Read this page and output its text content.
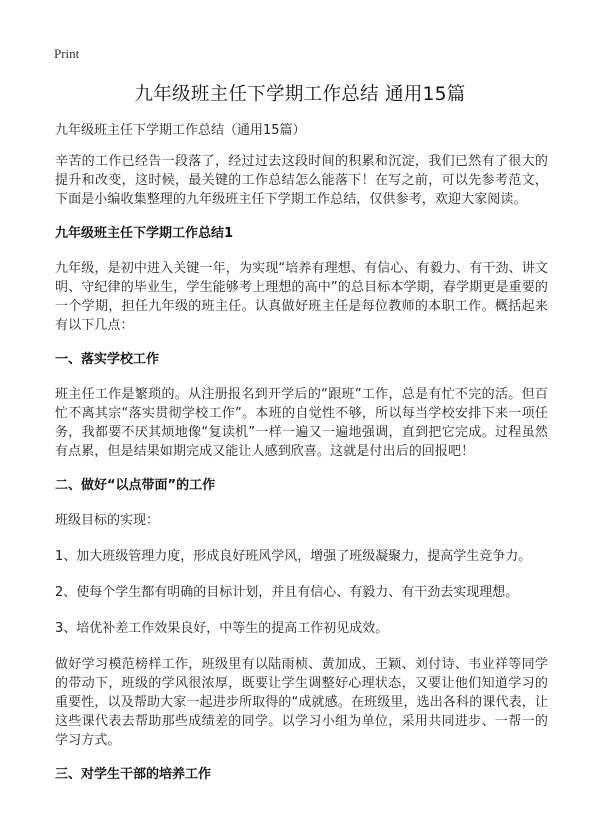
Print
九年级班主任下学期工作总结 通用15篇

九年级班主任下学期工作总结（通用15篇）

辛苦的工作已经告一段落了，经过过去这段时间的积累和沉淀，我们已然有了很大的提升和改变，这时候，最关键的工作总结怎么能落下！在写之前，可以先参考范文，下面是小编收集整理的九年级班主任下学期工作总结，仅供参考，欢迎大家阅读。

九年级班主任下学期工作总结1

九年级，是初中进入关键一年，为实现“培养有理想、有信心、有毅力、有干劲、讲文明、守纪律的毕业生，学生能够考上理想的高中”的总目标本学期，春学期更是重要的一个学期，担任九年级的班主任。认真做好班主任是每位教师的本职工作。概括起来有以下几点：

一、落实学校工作

班主任工作是繁琐的。从注册报名到开学后的“跟班”工作，总是有忙不完的活。但百忙不离其宗“落实贯彻学校工作”。本班的自觉性不够，所以每当学校安排下来一项任务，我都要不厌其烦地像“复读机”一样一遍又一遍地强调，直到把它完成。过程虽然有点累，但是结果如期完成又能让人感到欣喜。这就是付出后的回报吧！

二、做好“以点带面”的工作

班级目标的实现：

1、加大班级管理力度，形成良好班风学风，增强了班级凝聚力，提高学生竞争力。

2、使每个学生都有明确的目标计划，并且有信心、有毅力、有干劲去实现理想。

3、培优补差工作效果良好，中等生的提高工作初见成效。

做好学习模范榜样工作，班级里有以陆雨桢、黄加成、王颖、刘付诗、韦业祥等同学的带动下，班级的学风很浓厚，既要让学生调整好心理状态，又要让他们知道学习的重要性，以及帮助大家一起进步所取得的“成就感。在班级里，选出各科的课代表，让这些课代表去帮助那些成绩差的同学。以学习小组为单位，采用共同进步、一帮一的学习方式。

三、对学生干部的培养工作
